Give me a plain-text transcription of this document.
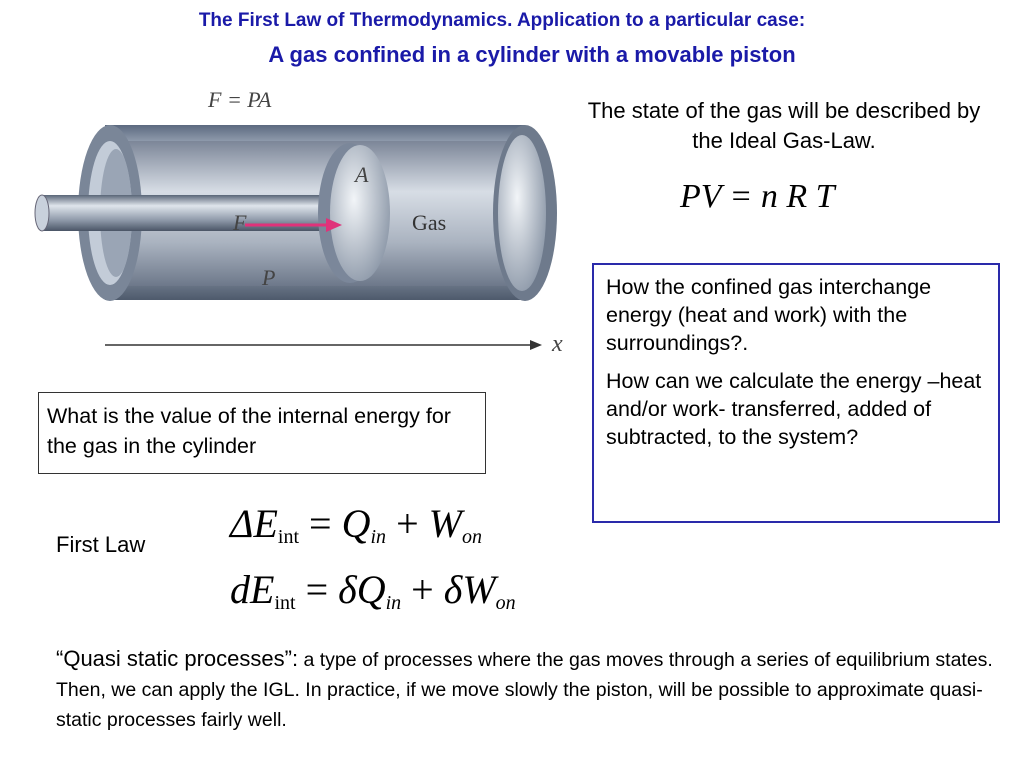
The First Law of Thermodynamics. Application to a particular case:
A gas confined in a cylinder with a movable piston
F = PA
A
F	Gas
P
x
The state of the gas will be described by the Ideal Gas-Law.
PV = n R T

How the confined gas interchange energy (heat and work) with the surroundings?.

How can we calculate the energy –heat and/or work- transferred, added of subtracted, to the system?

What is the value of the internal energy for the gas in the cylinder
First Law $\Delta E_{int} = Q_{in} + W_{on}$
$dE_{int} = \delta Q_{in} + \delta W_{on}$
“Quasi static processes”: a type of processes where the gas moves through a series of equilibrium states. Then, we can apply the IGL. In practice, if we move slowly the piston, will be possible to approximate quasi-static processes fairly well.
